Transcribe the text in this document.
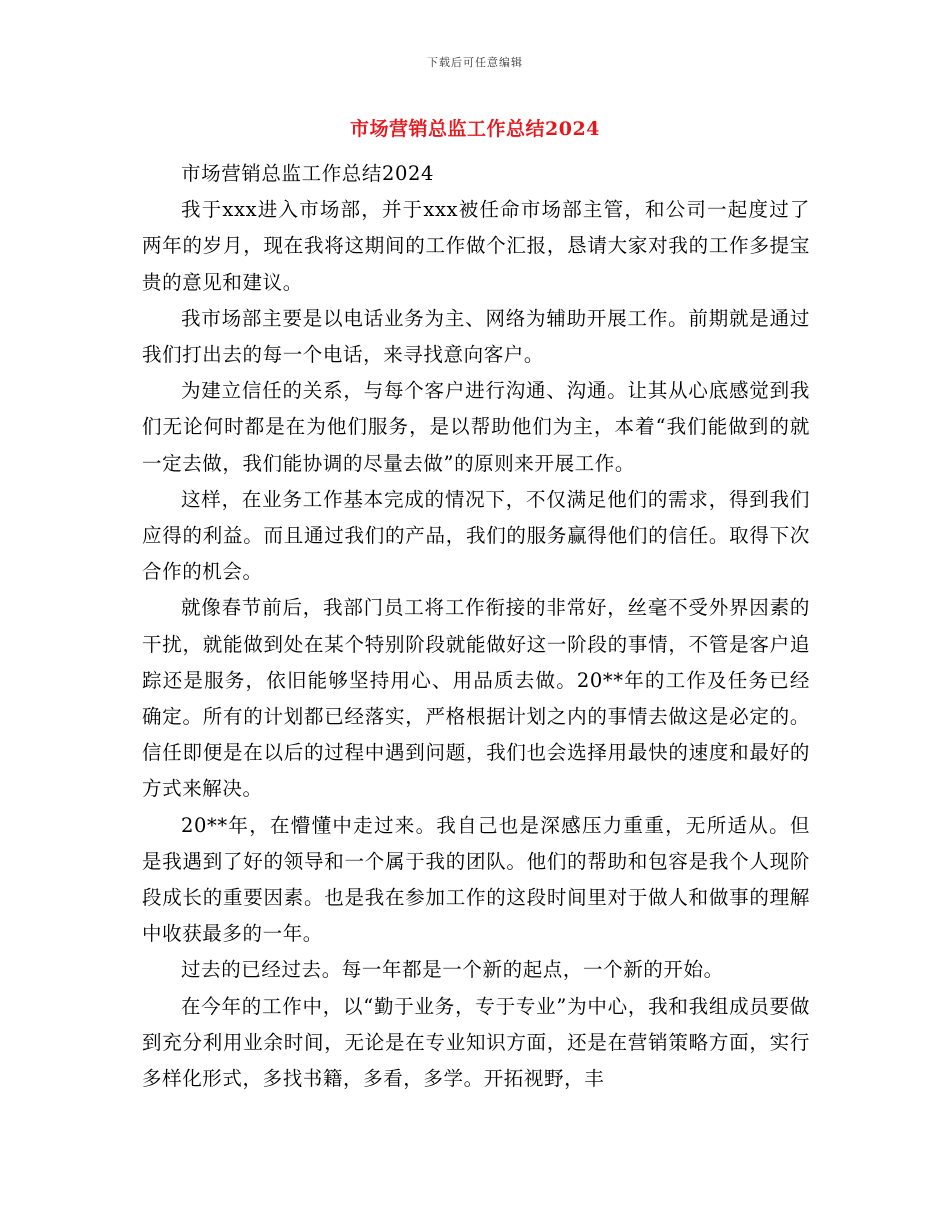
下载后可任意编辑
市场营销总监工作总结2024

市场营销总监工作总结2024

我于xxx进入市场部，并于xxx被任命市场部主管，和公司一起度过了两年的岁月，现在我将这期间的工作做个汇报，恳请大家对我的工作多提宝贵的意见和建议。

我市场部主要是以电话业务为主、网络为辅助开展工作。前期就是通过我们打出去的每一个电话，来寻找意向客户。

为建立信任的关系，与每个客户进行沟通、沟通。让其从心底感觉到我们无论何时都是在为他们服务，是以帮助他们为主，本着“我们能做到的就一定去做，我们能协调的尽量去做”的原则来开展工作。

这样，在业务工作基本完成的情况下，不仅满足他们的需求，得到我们应得的利益。而且通过我们的产品，我们的服务赢得他们的信任。取得下次合作的机会。

就像春节前后，我部门员工将工作衔接的非常好，丝毫不受外界因素的干扰，就能做到处在某个特别阶段就能做好这一阶段的事情，不管是客户追踪还是服务，依旧能够坚持用心、用品质去做。20**年的工作及任务已经确定。所有的计划都已经落实，严格根据计划之内的事情去做这是必定的。信任即便是在以后的过程中遇到问题，我们也会选择用最快的速度和最好的方式来解决。

20**年，在懵懂中走过来。我自己也是深感压力重重，无所适从。但是我遇到了好的领导和一个属于我的团队。他们的帮助和包容是我个人现阶段成长的重要因素。也是我在参加工作的这段时间里对于做人和做事的理解中收获最多的一年。

过去的已经过去。每一年都是一个新的起点，一个新的开始。

在今年的工作中，以“勤于业务，专于专业”为中心，我和我组成员要做到充分利用业余时间，无论是在专业知识方面，还是在营销策略方面，实行多样化形式，多找书籍，多看，多学。开拓视野，丰
